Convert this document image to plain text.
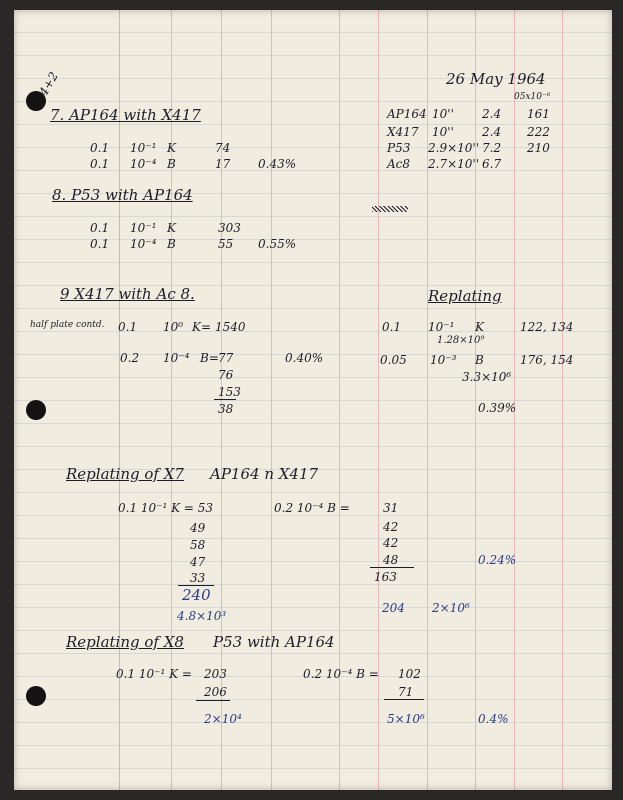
26 May 1964
4+2	05x10⁻⁶
AP164 10'' 2.4 161
X417 10'' 2.4 222
P53 2.9×10'' 7.2 210
Ac8 2.7×10'' 6.7
7. AP164 with X417
0.1 10⁻¹ K	74
0.1 10⁻⁴ B	17 0.43%
8. P53 with AP164
0.1 10⁻¹ K	303
0.1 10⁻⁴ B	55 0.55%
9 X417 with Ac 8.
half plate contd. 0.1 10⁰ K= 1540
0.2 10⁻⁴ B= 77	0.40%
76
153
38
Replating
0.1 10⁻¹ K	122, 134
1.28×10⁹
0.05 10⁻³ B	176, 154
3.3×10⁶
0.39%
Replating of X7 AP164 n X417
0.1 10⁻¹ K = 53
49
58
47
33
240
4.8×10³
0.2 10⁻⁴ B =	31
42
42
48
163
204 2×10⁶
0.24%
Replating of X8 P53 with AP164
0.1 10⁻¹ K = 203
206
2×10⁴
0.2 10⁻⁴ B = 102
71
5×10⁶	0.4%
